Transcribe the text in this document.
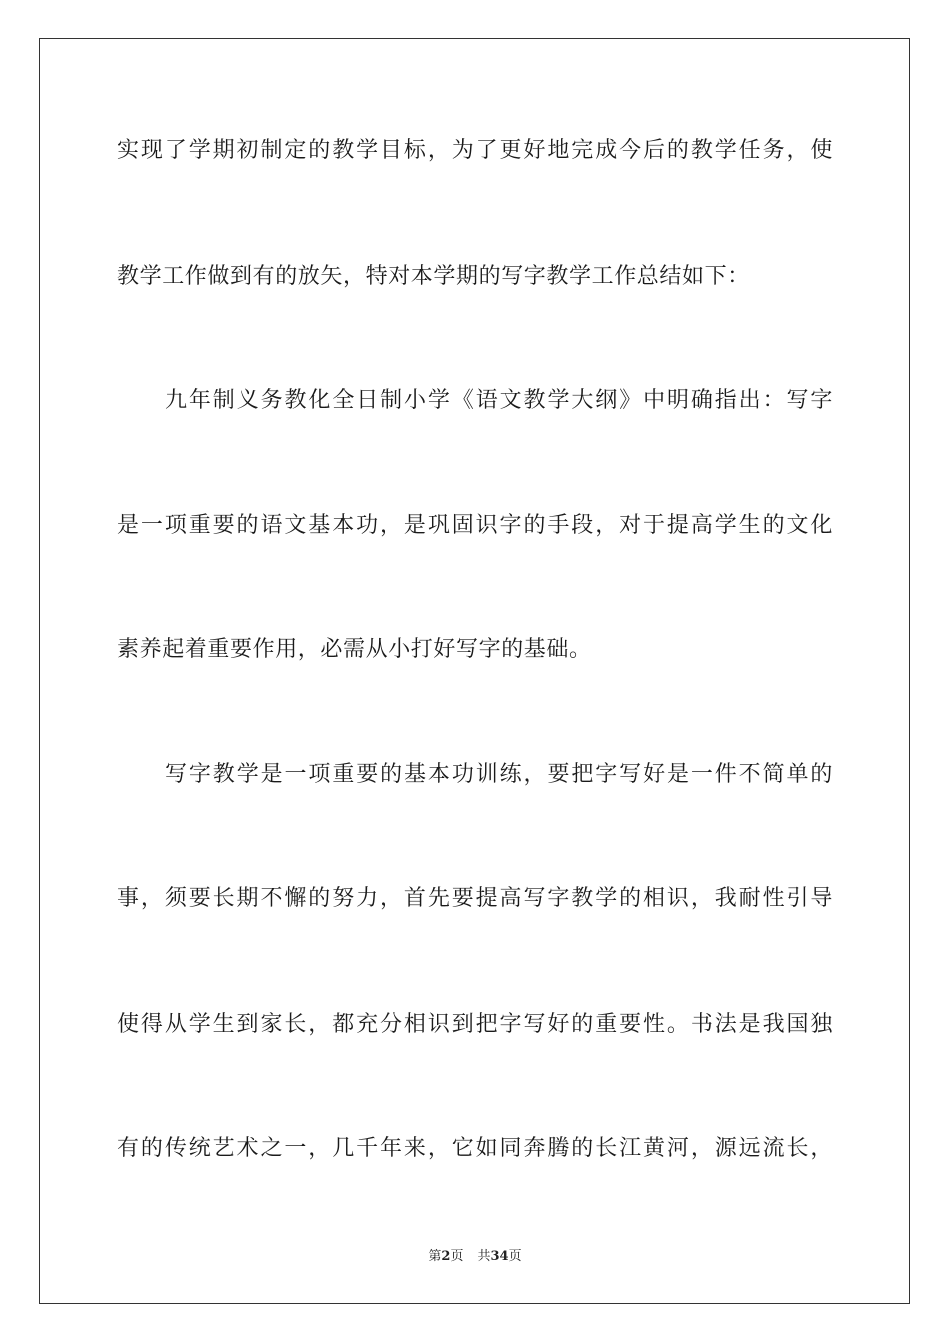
实现了学期初制定的教学目标，为了更好地完成今后的教学任务，使
教学工作做到有的放矢，特对本学期的写字教学工作总结如下：
九年制义务教化全日制小学《语文教学大纲》中明确指出：写字
是一项重要的语文基本功，是巩固识字的手段，对于提高学生的文化
素养起着重要作用，必需从小打好写字的基础。
写字教学是一项重要的基本功训练，要把字写好是一件不简单的
事，须要长期不懈的努力，首先要提高写字教学的相识，我耐性引导
使得从学生到家长，都充分相识到把字写好的重要性。书法是我国独
有的传统艺术之一，几千年来，它如同奔腾的长江黄河，源远流长，
第2页 共34页
